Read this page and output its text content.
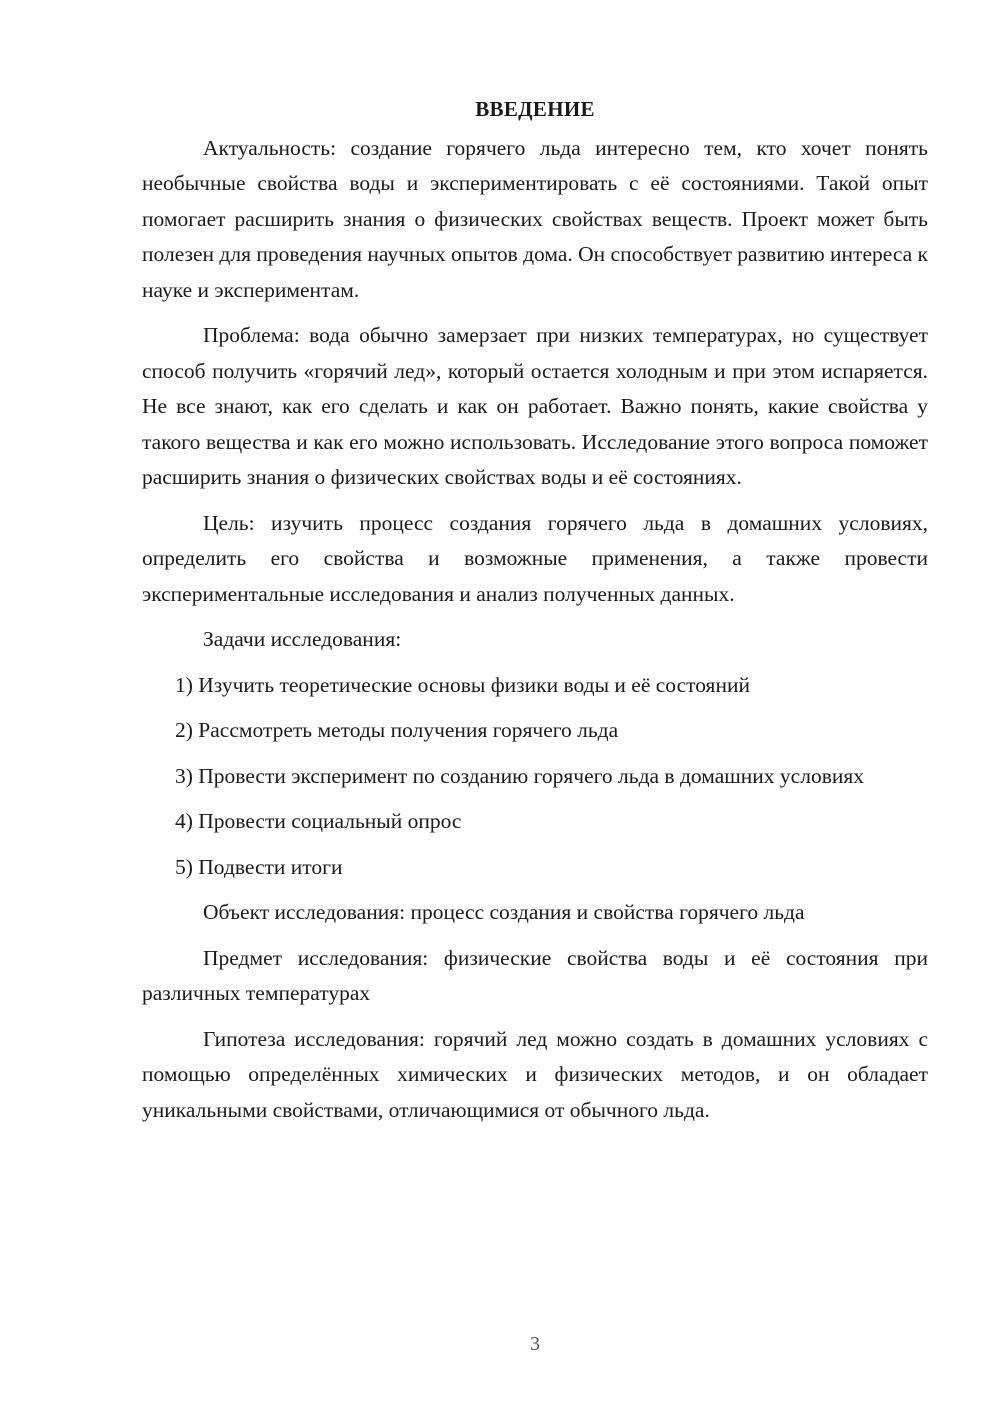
ВВЕДЕНИЕ

Актуальность: создание горячего льда интересно тем, кто хочет понять необычные свойства воды и экспериментировать с её состояниями. Такой опыт помогает расширить знания о физических свойствах веществ. Проект может быть полезен для проведения научных опытов дома. Он способствует развитию интереса к науке и экспериментам.

Проблема: вода обычно замерзает при низких температурах, но существует способ получить «горячий лед», который остается холодным и при этом испаряется. Не все знают, как его сделать и как он работает. Важно понять, какие свойства у такого вещества и как его можно использовать. Исследование этого вопроса поможет расширить знания о физических свойствах воды и её состояниях.

Цель: изучить процесс создания горячего льда в домашних условиях, определить его свойства и возможные применения, а также провести экспериментальные исследования и анализ полученных данных.

Задачи исследования:

1) Изучить теоретические основы физики воды и её состояний

2) Рассмотреть методы получения горячего льда

3) Провести эксперимент по созданию горячего льда в домашних условиях

4) Провести социальный опрос

5) Подвести итоги

Объект исследования: процесс создания и свойства горячего льда

Предмет исследования: физические свойства воды и её состояния при различных температурах

Гипотеза исследования: горячий лед можно создать в домашних условиях с помощью определённых химических и физических методов, и он обладает уникальными свойствами, отличающимися от обычного льда.

3
